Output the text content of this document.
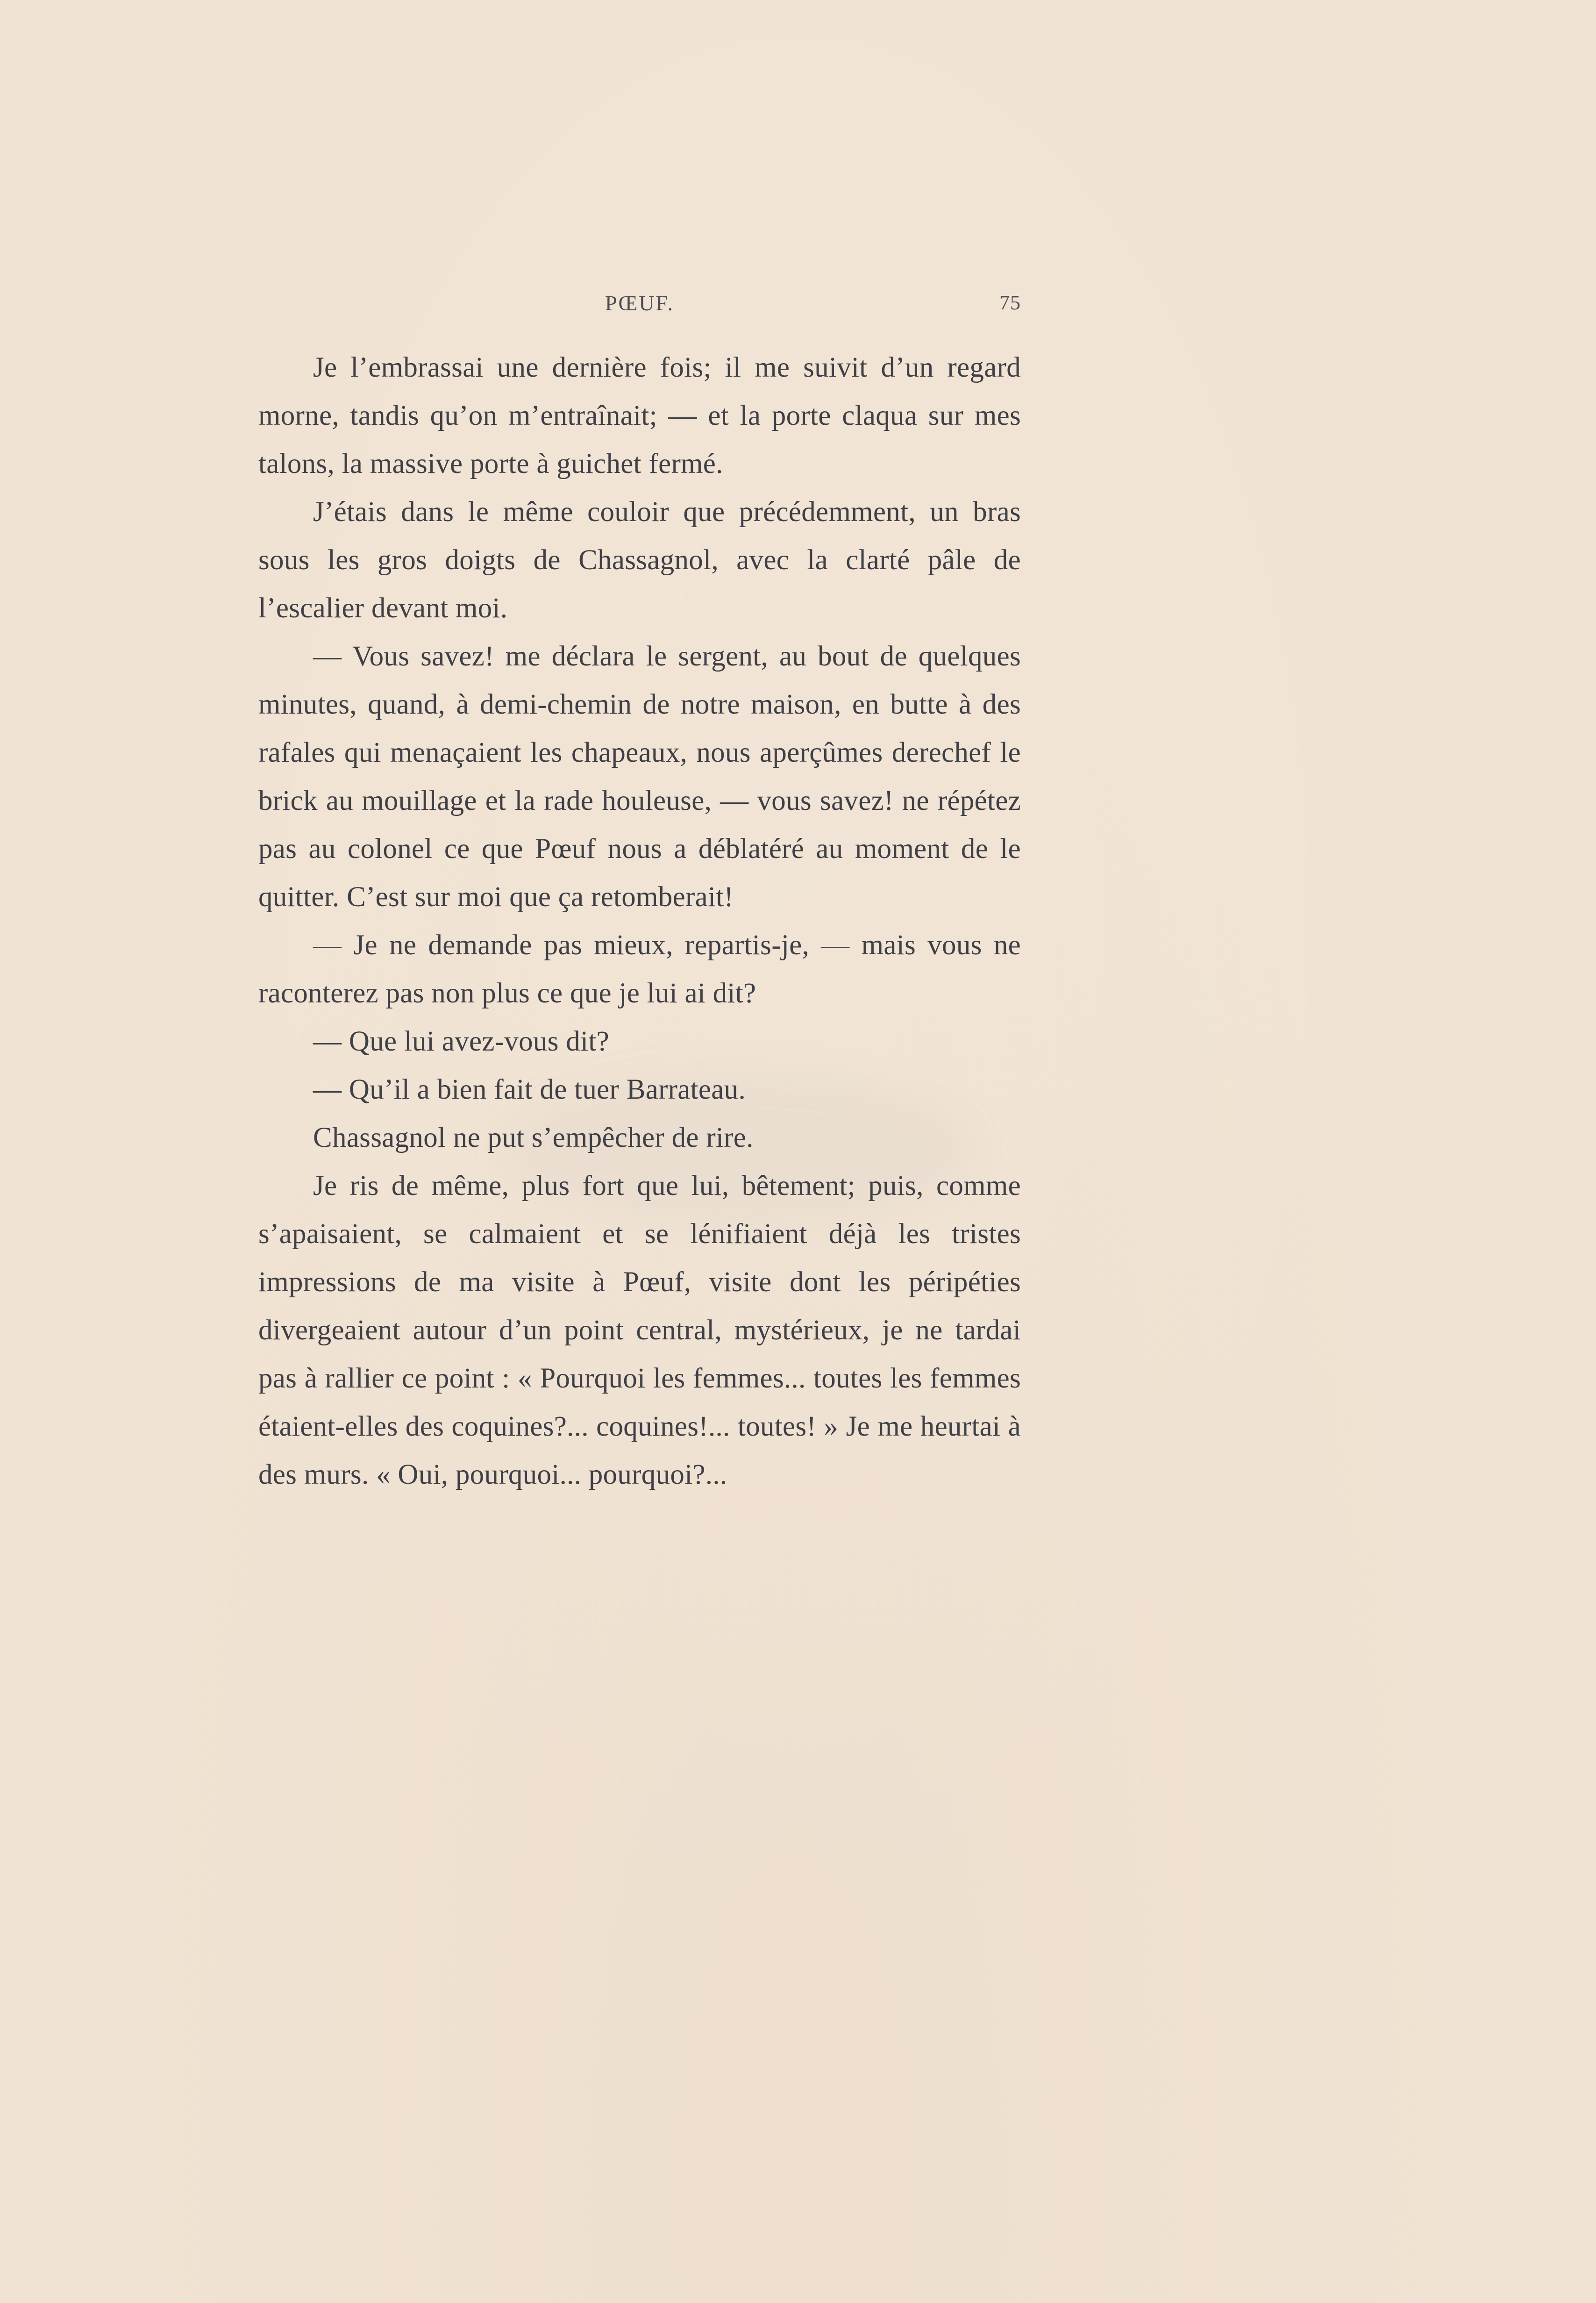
PŒUF.	75

Je l’embrassai une dernière fois; il me suivit d’un regard morne, tandis qu’on m’entraînait; — et la porte claqua sur mes talons, la massive porte à guichet fermé.

J’étais dans le même couloir que précédemment, un bras sous les gros doigts de Chassagnol, avec la clarté pâle de l’escalier devant moi.

— Vous savez! me déclara le sergent, au bout de quelques minutes, quand, à demi-chemin de notre maison, en butte à des rafales qui menaçaient les chapeaux, nous aperçûmes derechef le brick au mouillage et la rade houleuse, — vous savez! ne répétez pas au colonel ce que Pœuf nous a déblatéré au moment de le quitter. C’est sur moi que ça retomberait!

— Je ne demande pas mieux, repartis-je, — mais vous ne raconterez pas non plus ce que je lui ai dit?

— Que lui avez-vous dit?

— Qu’il a bien fait de tuer Barrateau.

Chassagnol ne put s’empêcher de rire.

Je ris de même, plus fort que lui, bêtement; puis, comme s’apaisaient, se calmaient et se lénifiaient déjà les tristes impressions de ma visite à Pœuf, visite dont les péripéties divergeaient autour d’un point central, mystérieux, je ne tardai pas à rallier ce point : « Pourquoi les femmes... toutes les femmes étaient-elles des coquines?... coquines!... toutes! » Je me heurtai à des murs. « Oui, pourquoi... pourquoi?...
